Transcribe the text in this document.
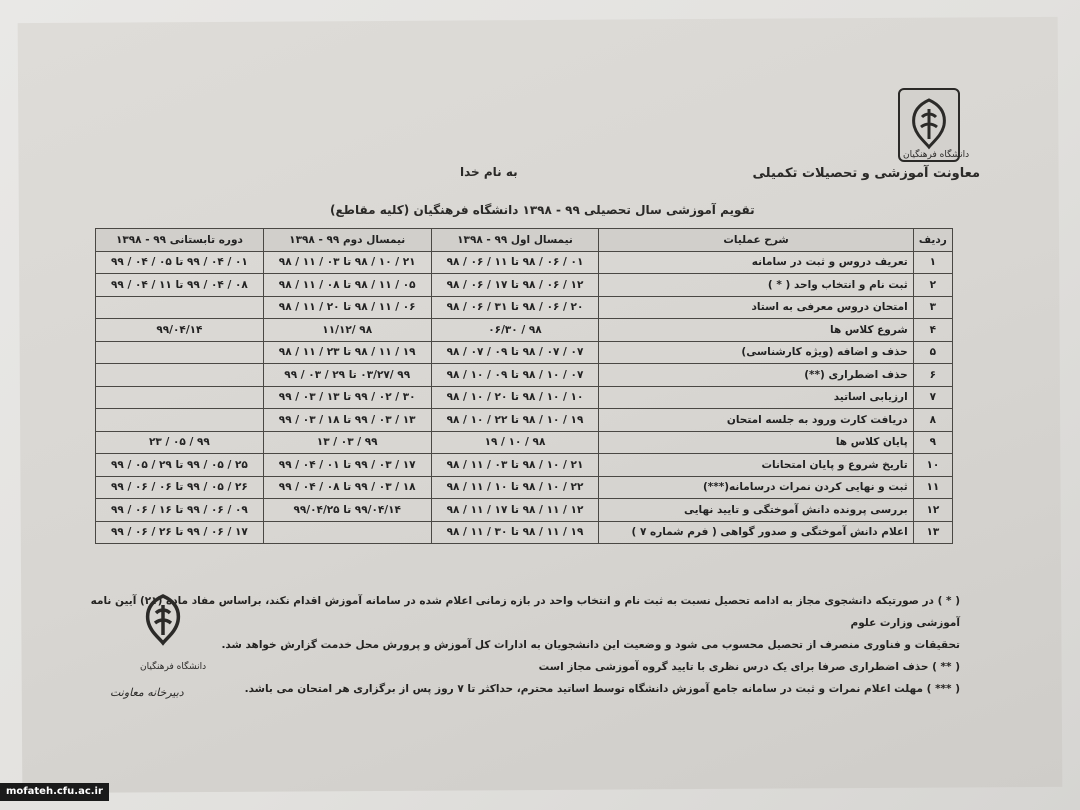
دانشگاه فرهنگیان
معاونت آموزشی و تحصیلات تکمیلی
به نام خدا
تقویم آموزشی سال تحصیلی ۹۹ - ۱۳۹۸ دانشگاه فرهنگیان (کلیه مقاطع)
ردیف	شرح عملیات	نیمسال اول ۹۹ - ۱۳۹۸	نیمسال دوم ۹۹ - ۱۳۹۸	دوره تابستانی ۹۹ - ۱۳۹۸
۱	تعریف دروس و ثبت در سامانه	۰۱ / ۰۶ / ۹۸ تا ۱۱ / ۰۶ / ۹۸	۲۱ / ۱۰ / ۹۸ تا ۰۳ / ۱۱ / ۹۸	۰۱ / ۰۴ / ۹۹ تا ۰۵ / ۰۴ / ۹۹
۲	ثبت نام و انتخاب واحد ( * )	۱۲ / ۰۶ / ۹۸ تا ۱۷ / ۰۶ / ۹۸	۰۵ / ۱۱ / ۹۸ تا ۰۸ / ۱۱ / ۹۸	۰۸ / ۰۴ / ۹۹ تا ۱۱ / ۰۴ / ۹۹
۳	امتحان دروس معرفی به استاد	۲۰ / ۰۶ / ۹۸ تا ۳۱ / ۰۶ / ۹۸	۰۶ / ۱۱ / ۹۸ تا ۲۰ / ۱۱ / ۹۸	
۴	شروع کلاس ها	۹۸ / ۰۶/۳۰	۹۸ /۱۱/۱۲	۹۹/۰۴/۱۴
۵	حذف و اضافه (ویژه کارشناسی)	۰۷ / ۰۷ / ۹۸ تا ۰۹ / ۰۷ / ۹۸	۱۹ / ۱۱ / ۹۸ تا ۲۳ / ۱۱ / ۹۸	
۶	حذف اضطراری (**)	۰۷ / ۱۰ / ۹۸ تا ۰۹ / ۱۰ / ۹۸	۹۹ /۰۳/۲۷ تا ۲۹ / ۰۳ / ۹۹	
۷	ارزیابی اساتید	۱۰ / ۱۰ / ۹۸ تا ۲۰ / ۱۰ / ۹۸	۳۰ / ۰۲ / ۹۹ تا ۱۳ / ۰۳ / ۹۹	
۸	دریافت کارت ورود به جلسه امتحان	۱۹ / ۱۰ / ۹۸ تا ۲۲ / ۱۰ / ۹۸	۱۳ / ۰۳ / ۹۹ تا ۱۸ / ۰۳ / ۹۹	
۹	پایان کلاس ها	۹۸ / ۱۰ / ۱۹	۹۹ / ۰۳ / ۱۳	۹۹ / ۰۵ / ۲۳
۱۰	تاریخ شروع و پایان امتحانات	۲۱ / ۱۰ / ۹۸ تا ۰۳ / ۱۱ / ۹۸	۱۷ / ۰۳ / ۹۹ تا ۰۱ / ۰۴ / ۹۹	۲۵ / ۰۵ / ۹۹ تا ۲۹ / ۰۵ / ۹۹
۱۱	ثبت و نهایی کردن نمرات درسامانه(***)	۲۲ / ۱۰ / ۹۸ تا ۱۰ / ۱۱ / ۹۸	۱۸ / ۰۳ / ۹۹ تا ۰۸ / ۰۴ / ۹۹	۲۶ / ۰۵ / ۹۹ تا ۰۶ / ۰۶ / ۹۹
۱۲	بررسی پرونده دانش آموختگی و تایید نهایی	۱۲ / ۱۱ / ۹۸ تا ۱۷ / ۱۱ / ۹۸	۹۹/۰۴/۱۴ تا ۹۹/۰۴/۲۵	۰۹ / ۰۶ / ۹۹ تا ۱۶ / ۰۶ / ۹۹
۱۳	اعلام دانش آموختگی و صدور گواهی ( فرم شماره ۷ )	۱۹ / ۱۱ / ۹۸ تا ۳۰ / ۱۱ / ۹۸		۱۷ / ۰۶ / ۹۹ تا ۲۶ / ۰۶ / ۹۹

( * ) در صورتیکه دانشجوی مجاز به ادامه تحصیل نسبت به ثبت نام و انتخاب واحد در بازه زمانی اعلام شده در سامانه آموزش اقدام نکند، براساس مفاد ماده (۲۱) آیین نامه آموزشی وزارت علوم

تحقیقات و فناوری منصرف از تحصیل محسوب می شود و وضعیت این دانشجویان به ادارات کل آموزش و پرورش محل خدمت گزارش خواهد شد.

( ** ) حذف اضطراری صرفا برای یک درس نظری با تایید گروه آموزشی مجاز است

( *** ) مهلت اعلام نمرات و ثبت در سامانه جامع آموزش دانشگاه توسط اساتید محترم، حداکثر تا ۷ روز پس از برگزاری هر امتحان می باشد.

دانشگاه فرهنگیان
دبیرخانه معاونت
mofateh.cfu.ac.ir
